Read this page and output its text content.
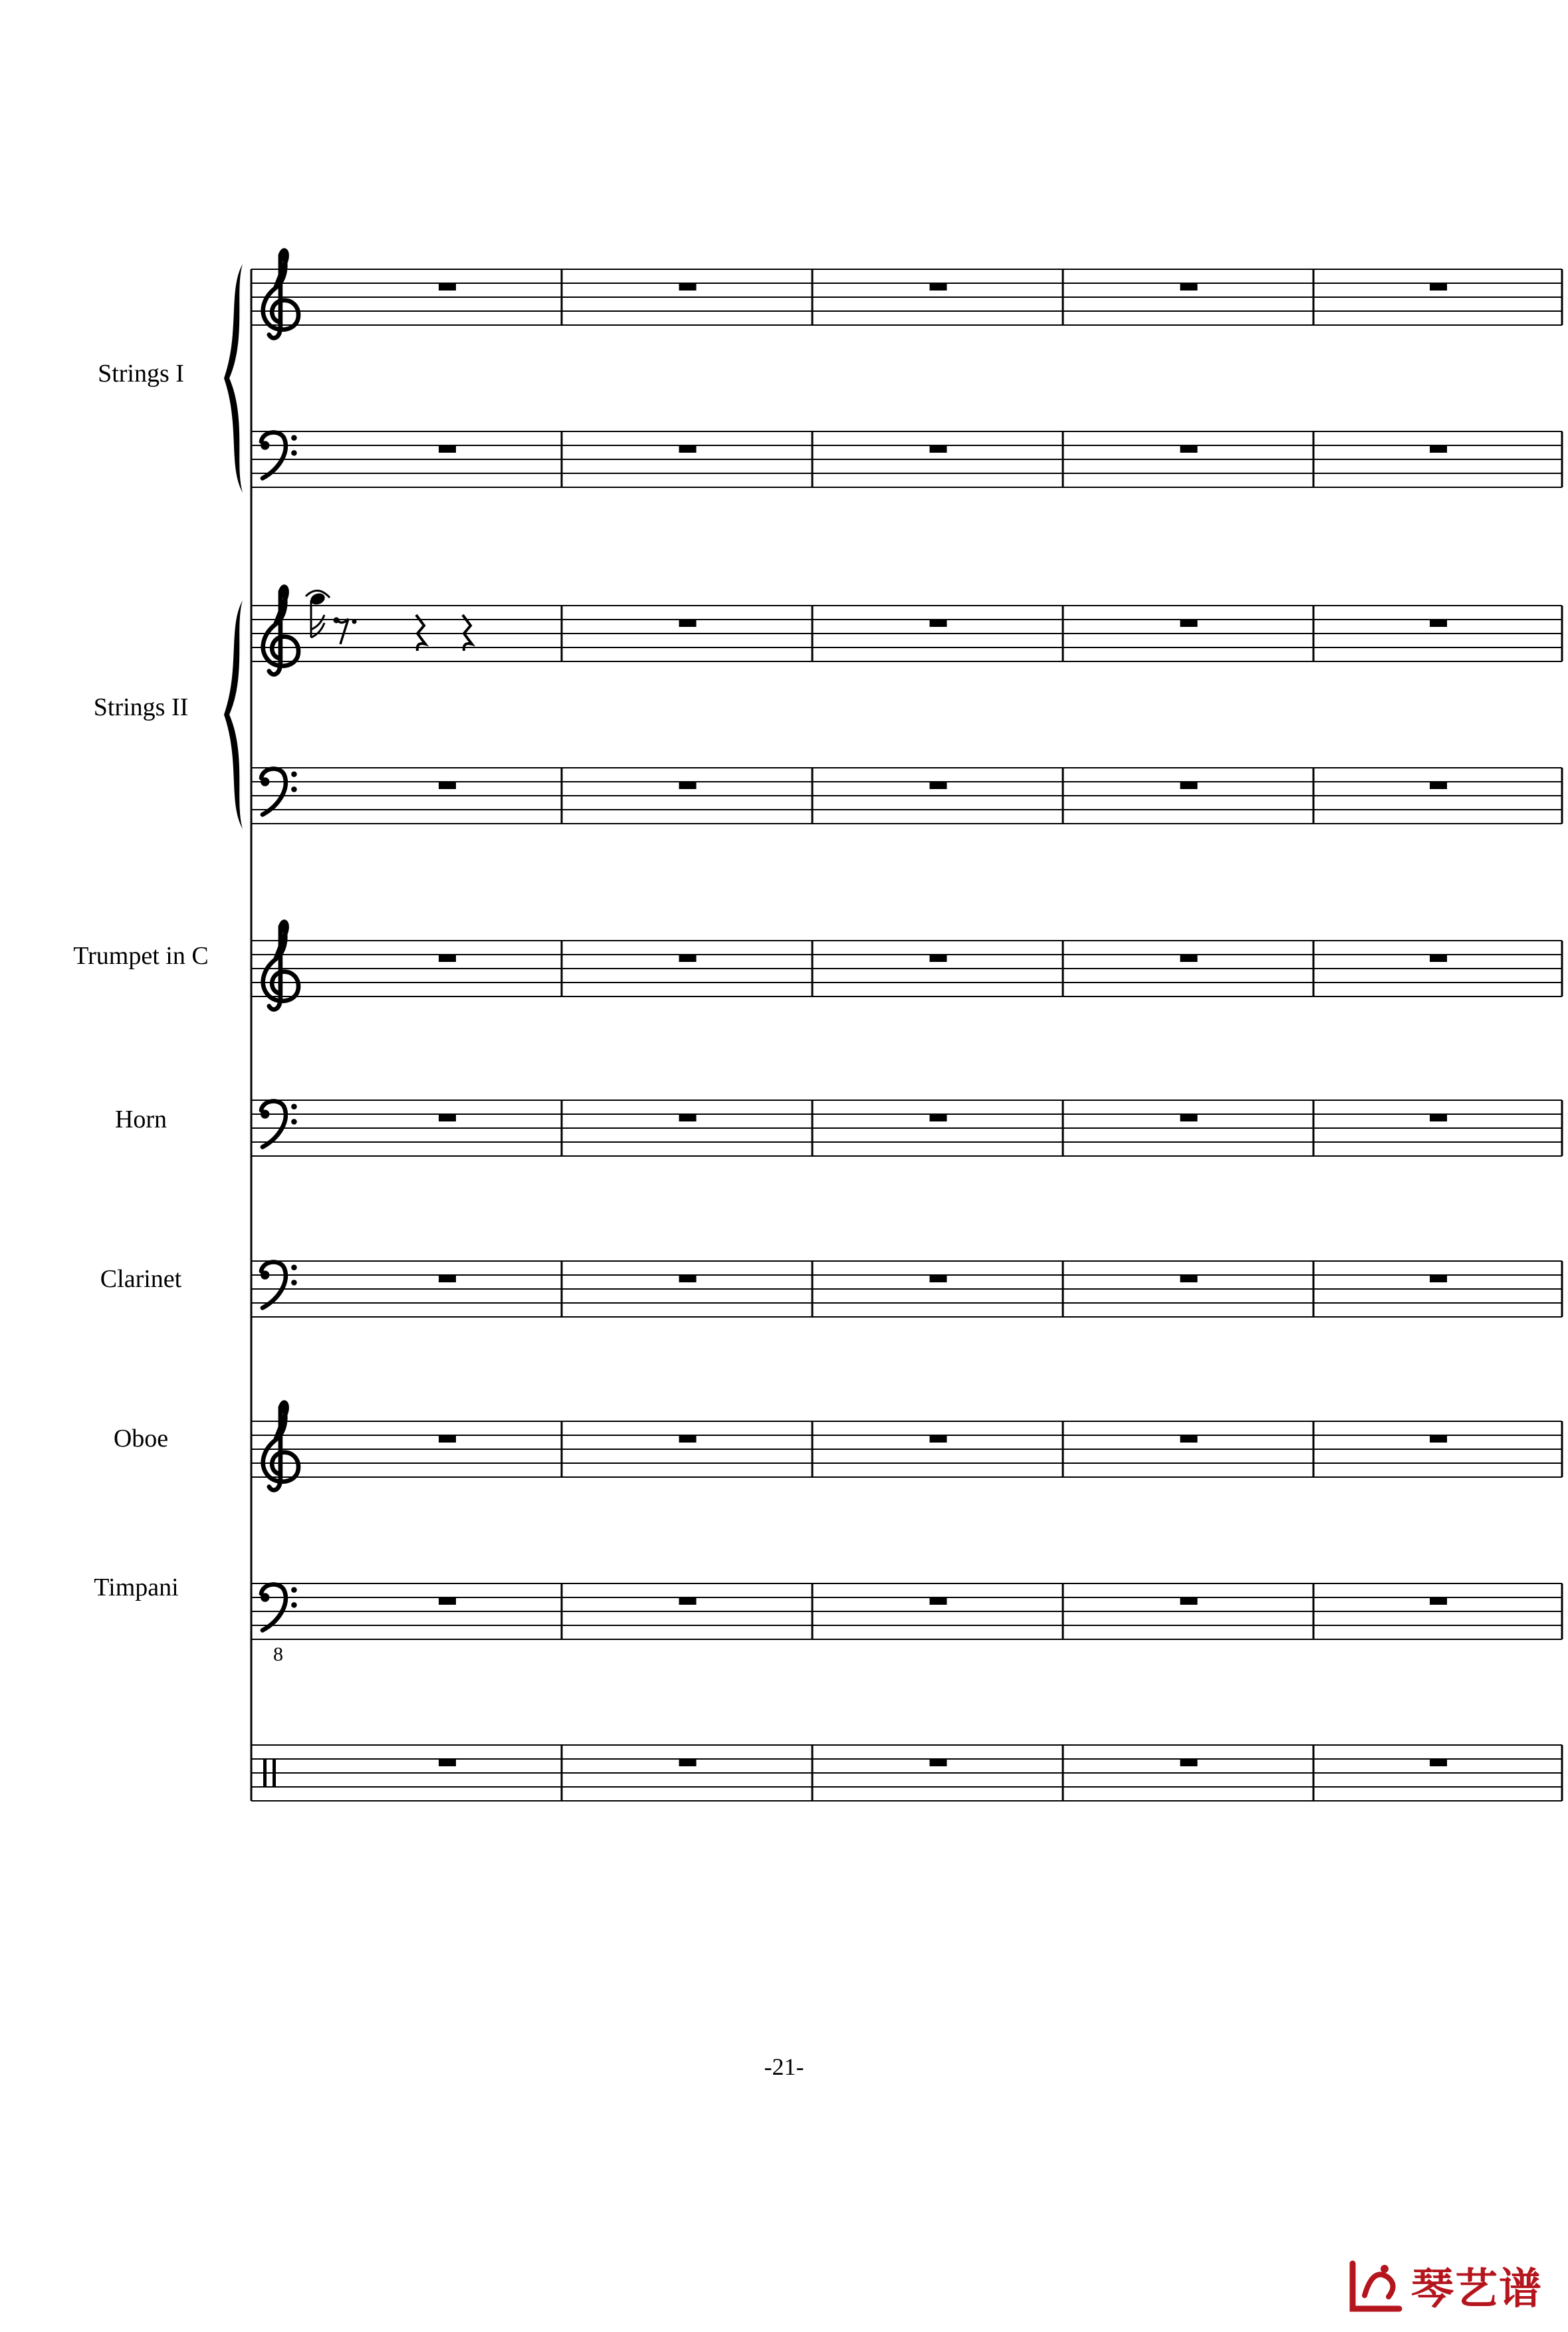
8
Strings I
Strings II
Trumpet in C
Horn
Clarinet
Oboe
Timpani
-21-
琴艺谱
